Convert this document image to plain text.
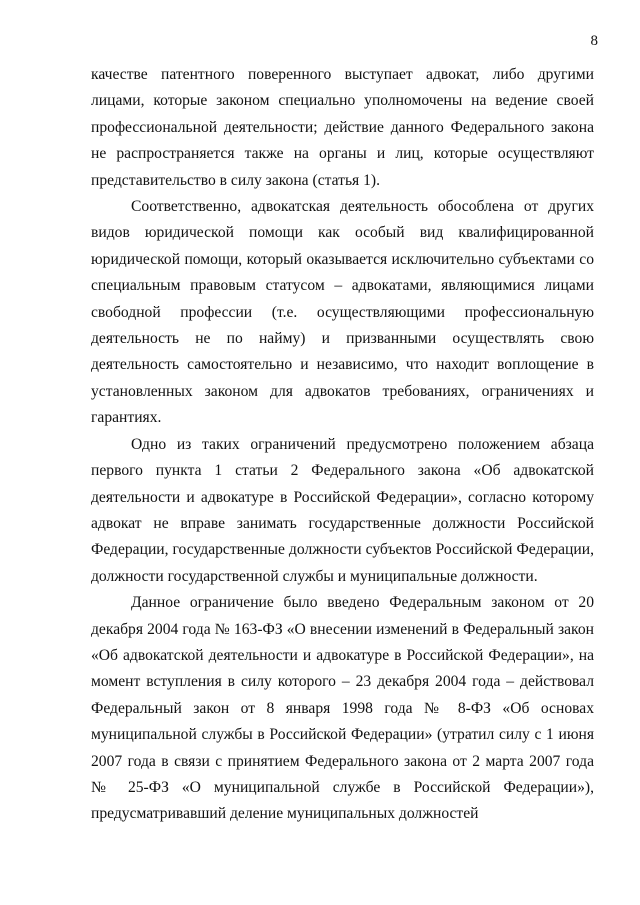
8

качестве патентного поверенного выступает адвокат, либо другими лицами, которые законом специально уполномочены на ведение своей профессиональной деятельности; действие данного Федерального закона не распространяется также на органы и лиц, которые осуществляют представительство в силу закона (статья 1).

Соответственно, адвокатская деятельность обособлена от других видов юридической помощи как особый вид квалифицированной юридической помощи, который оказывается исключительно субъектами со специальным правовым статусом – адвокатами, являющимися лицами свободной профессии (т.е. осуществляющими профессиональную деятельность не по найму) и призванными осуществлять свою деятельность самостоятельно и независимо, что находит воплощение в установленных законом для адвокатов требованиях, ограничениях и гарантиях.

Одно из таких ограничений предусмотрено положением абзаца первого пункта 1 статьи 2 Федерального закона «Об адвокатской деятельности и адвокатуре в Российской Федерации», согласно которому адвокат не вправе занимать государственные должности Российской Федерации, государственные должности субъектов Российской Федерации, должности государственной службы и муниципальные должности.

Данное ограничение было введено Федеральным законом от 20 декабря 2004 года № 163-ФЗ «О внесении изменений в Федеральный закон «Об адвокатской деятельности и адвокатуре в Российской Федерации», на момент вступления в силу которого – 23 декабря 2004 года – действовал Федеральный закон от 8 января 1998 года № 8-ФЗ «Об основах муниципальной службы в Российской Федерации» (утратил силу с 1 июня 2007 года в связи с принятием Федерального закона от 2 марта 2007 года № 25-ФЗ «О муниципальной службе в Российской Федерации»), предусматривавший деление муниципальных должностей
